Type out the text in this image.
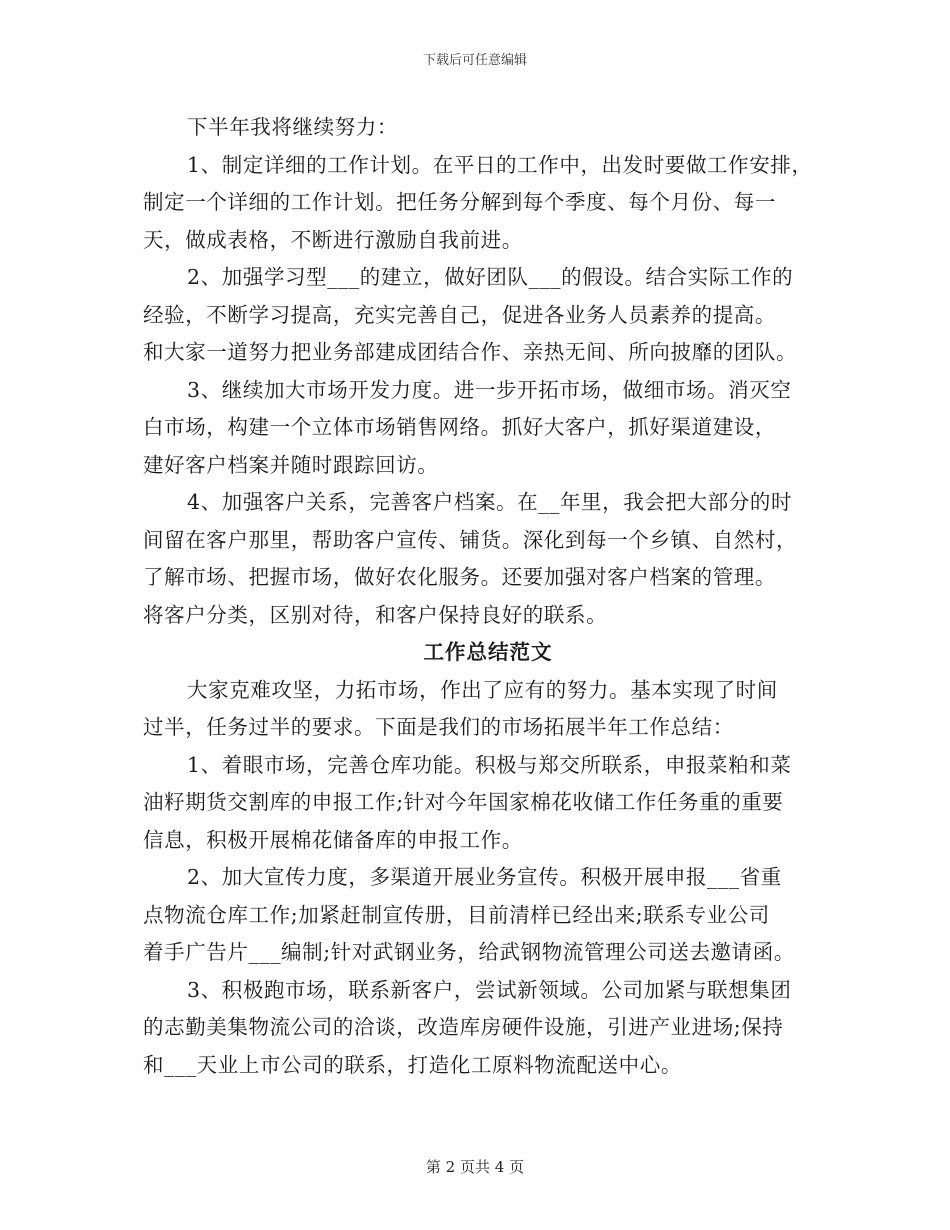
下载后可任意编辑

下半年我将继续努力：

1、制定详细的工作计划。在平日的工作中，出发时要做工作安排，
制定一个详细的工作计划。把任务分解到每个季度、每个月份、每一
天，做成表格，不断进行激励自我前进。

2、加强学习型___的建立，做好团队___的假设。结合实际工作的
经验，不断学习提高，充实完善自己，促进各业务人员素养的提高。
和大家一道努力把业务部建成团结合作、亲热无间、所向披靡的团队。

3、继续加大市场开发力度。进一步开拓市场，做细市场。消灭空
白市场，构建一个立体市场销售网络。抓好大客户，抓好渠道建设，
建好客户档案并随时跟踪回访。

4、加强客户关系，完善客户档案。在__年里，我会把大部分的时
间留在客户那里，帮助客户宣传、铺货。深化到每一个乡镇、自然村，
了解市场、把握市场，做好农化服务。还要加强对客户档案的管理。
将客户分类，区别对待，和客户保持良好的联系。

工作总结范文

大家克难攻坚，力拓市场，作出了应有的努力。基本实现了时间
过半，任务过半的要求。下面是我们的市场拓展半年工作总结：

1、着眼市场，完善仓库功能。积极与郑交所联系，申报菜粕和菜
油籽期货交割库的申报工作;针对今年国家棉花收储工作任务重的重要
信息，积极开展棉花储备库的申报工作。

2、加大宣传力度，多渠道开展业务宣传。积极开展申报___省重
点物流仓库工作;加紧赶制宣传册，目前清样已经出来;联系专业公司
着手广告片___编制;针对武钢业务，给武钢物流管理公司送去邀请函。

3、积极跑市场，联系新客户，尝试新领域。公司加紧与联想集团
的志勤美集物流公司的洽谈，改造库房硬件设施，引进产业进场;保持
和___天业上市公司的联系，打造化工原料物流配送中心。

第 2 页共 4 页
